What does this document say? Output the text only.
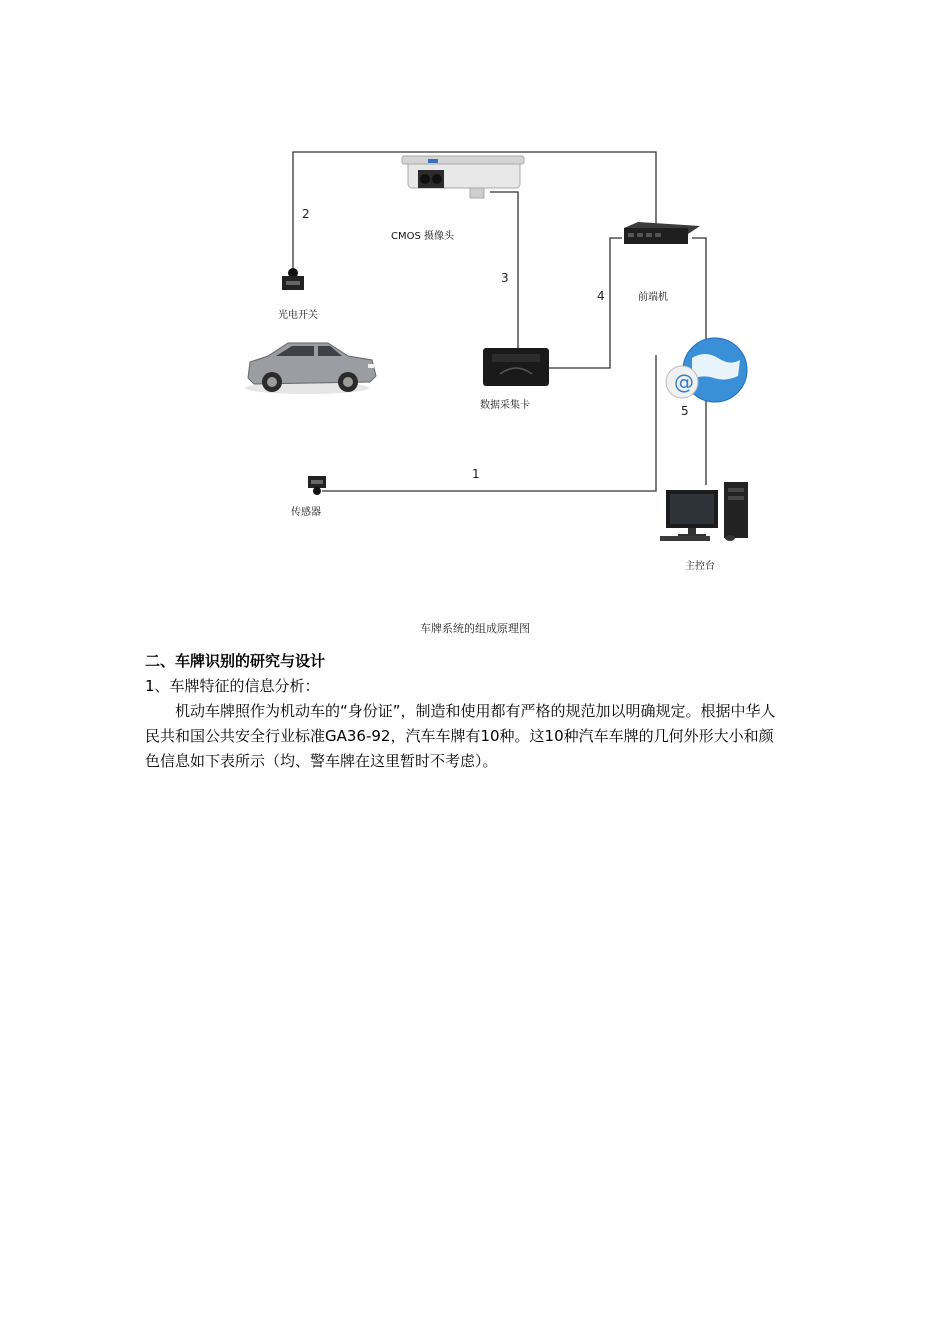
@
CMOS 摄像头
光电开关
前端机
数据采集卡
传感器
主控台
2
3
4
5
1
车牌系统的组成原理图
二、车牌识别的研究与设计
1、车牌特征的信息分析：
机动车牌照作为机动车的“身份证”，制造和使用都有严格的规范加以明确规定。根据中华人民共和国公共安全行业标准GA36-92，汽车车牌有10种。这10种汽车车牌的几何外形大小和颜色信息如下表所示（均、警车牌在这里暂时不考虑）。
